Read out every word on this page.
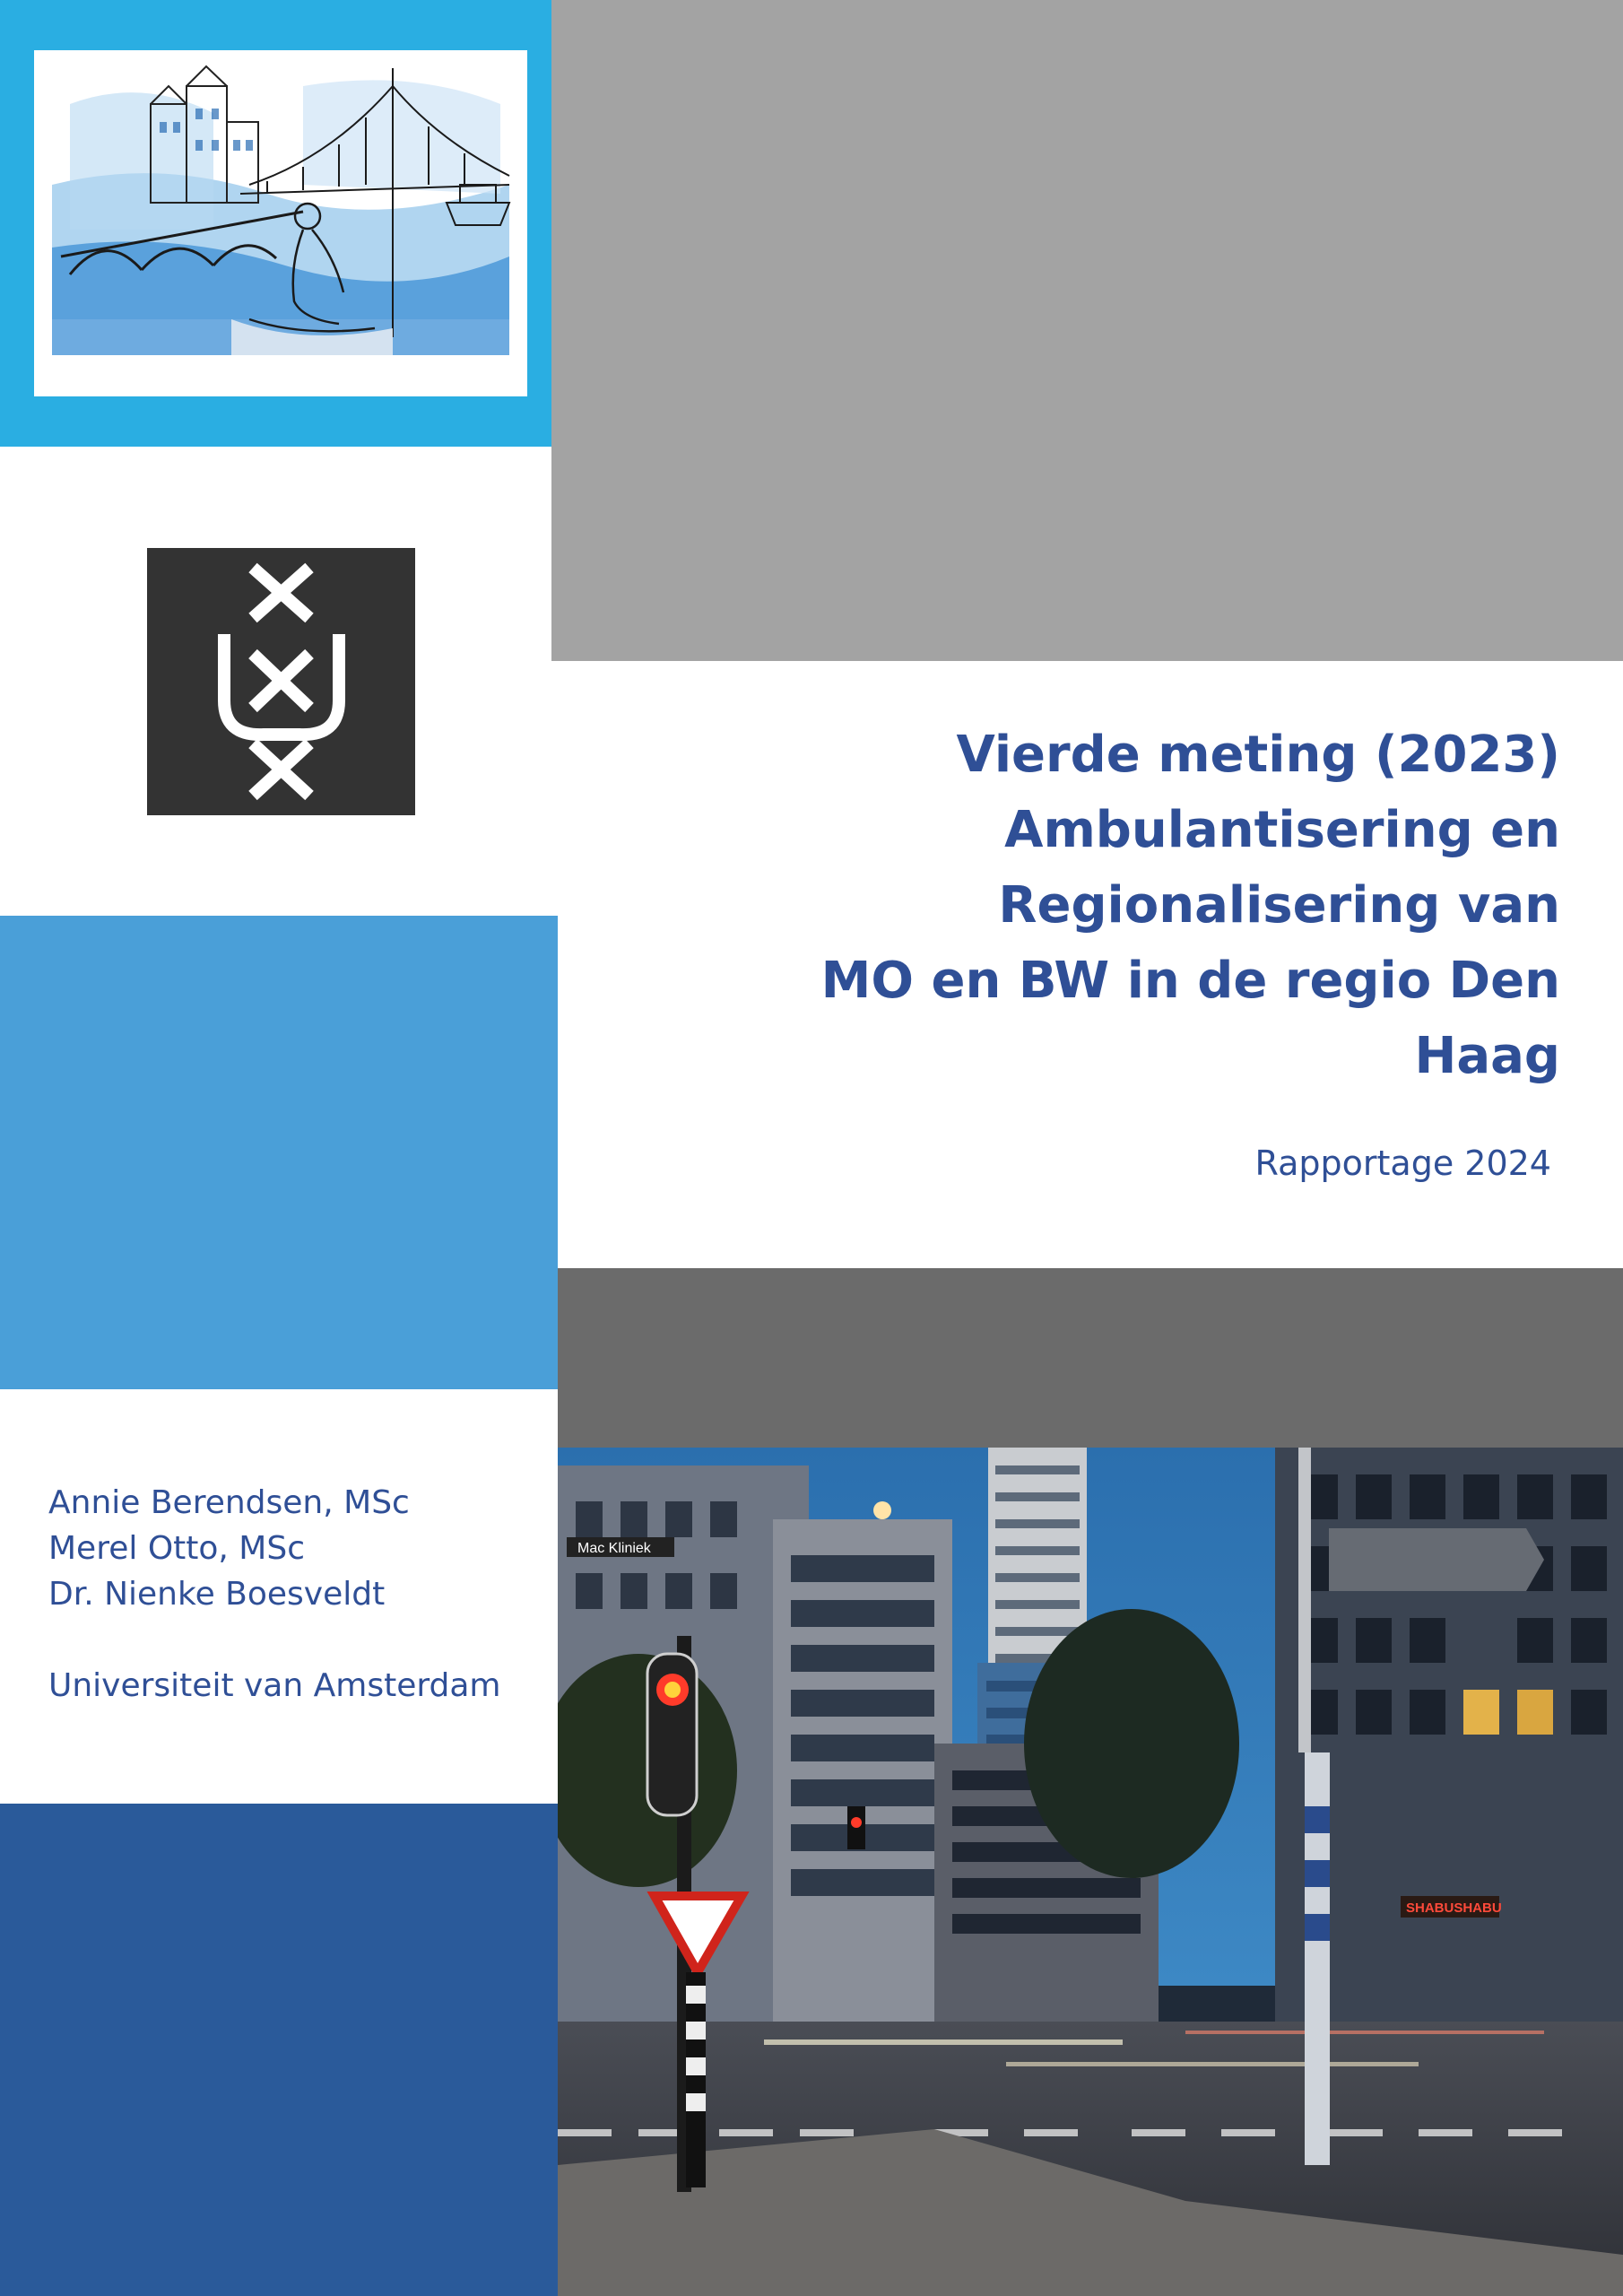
Vierde meting (2023)
Ambulantisering en
Regionalisering van
MO en BW in de regio Den
Haag
Rapportage 2024
Annie Berendsen, MSc
Merel Otto, MSc
Dr. Nienke Boesveldt
Universiteit van Amsterdam
Mac Kliniek
SHABUSHABU
